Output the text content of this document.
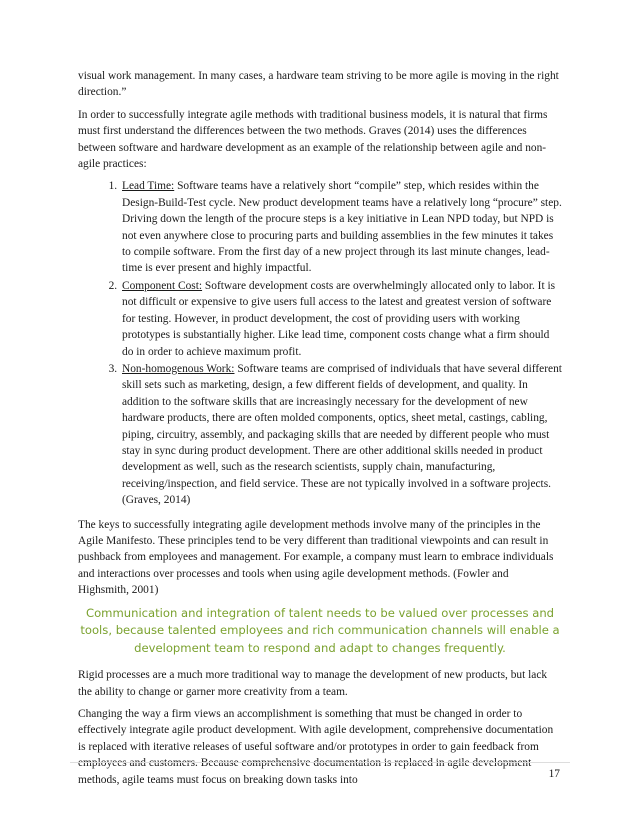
visual work management. In many cases, a hardware team striving to be more agile is moving in the right direction.”

In order to successfully integrate agile methods with traditional business models, it is natural that firms must first understand the differences between the two methods. Graves (2014) uses the differences between software and hardware development as an example of the relationship between agile and non-agile practices:

1. Lead Time: Software teams have a relatively short “compile” step, which resides within the Design-Build-Test cycle. New product development teams have a relatively long “procure” step. Driving down the length of the procure steps is a key initiative in Lean NPD today, but NPD is not even anywhere close to procuring parts and building assemblies in the few minutes it takes to compile software. From the first day of a new project through its last minute changes, lead-time is ever present and highly impactful.
2. Component Cost: Software development costs are overwhelmingly allocated only to labor. It is not difficult or expensive to give users full access to the latest and greatest version of software for testing. However, in product development, the cost of providing users with working prototypes is substantially higher. Like lead time, component costs change what a firm should do in order to achieve maximum profit.
3. Non-homogenous Work: Software teams are comprised of individuals that have several different skill sets such as marketing, design, a few different fields of development, and quality. In addition to the software skills that are increasingly necessary for the development of new hardware products, there are often molded components, optics, sheet metal, castings, cabling, piping, circuitry, assembly, and packaging skills that are needed by different people who must stay in sync during product development. There are other additional skills needed in product development as well, such as the research scientists, supply chain, manufacturing, receiving/inspection, and field service. These are not typically involved in a software projects. (Graves, 2014)

The keys to successfully integrating agile development methods involve many of the principles in the Agile Manifesto. These principles tend to be very different than traditional viewpoints and can result in pushback from employees and management. For example, a company must learn to embrace individuals and interactions over processes and tools when using agile development methods. (Fowler and Highsmith, 2001)

Communication and integration of talent needs to be valued over processes and tools, because talented employees and rich communication channels will enable a development team to respond and adapt to changes frequently.

Rigid processes are a much more traditional way to manage the development of new products, but lack the ability to change or garner more creativity from a team.

Changing the way a firm views an accomplishment is something that must be changed in order to effectively integrate agile product development. With agile development, comprehensive documentation is replaced with iterative releases of useful software and/or prototypes in order to gain feedback from employees and customers. Because comprehensive documentation is replaced in agile development methods, agile teams must focus on breaking down tasks into	17
